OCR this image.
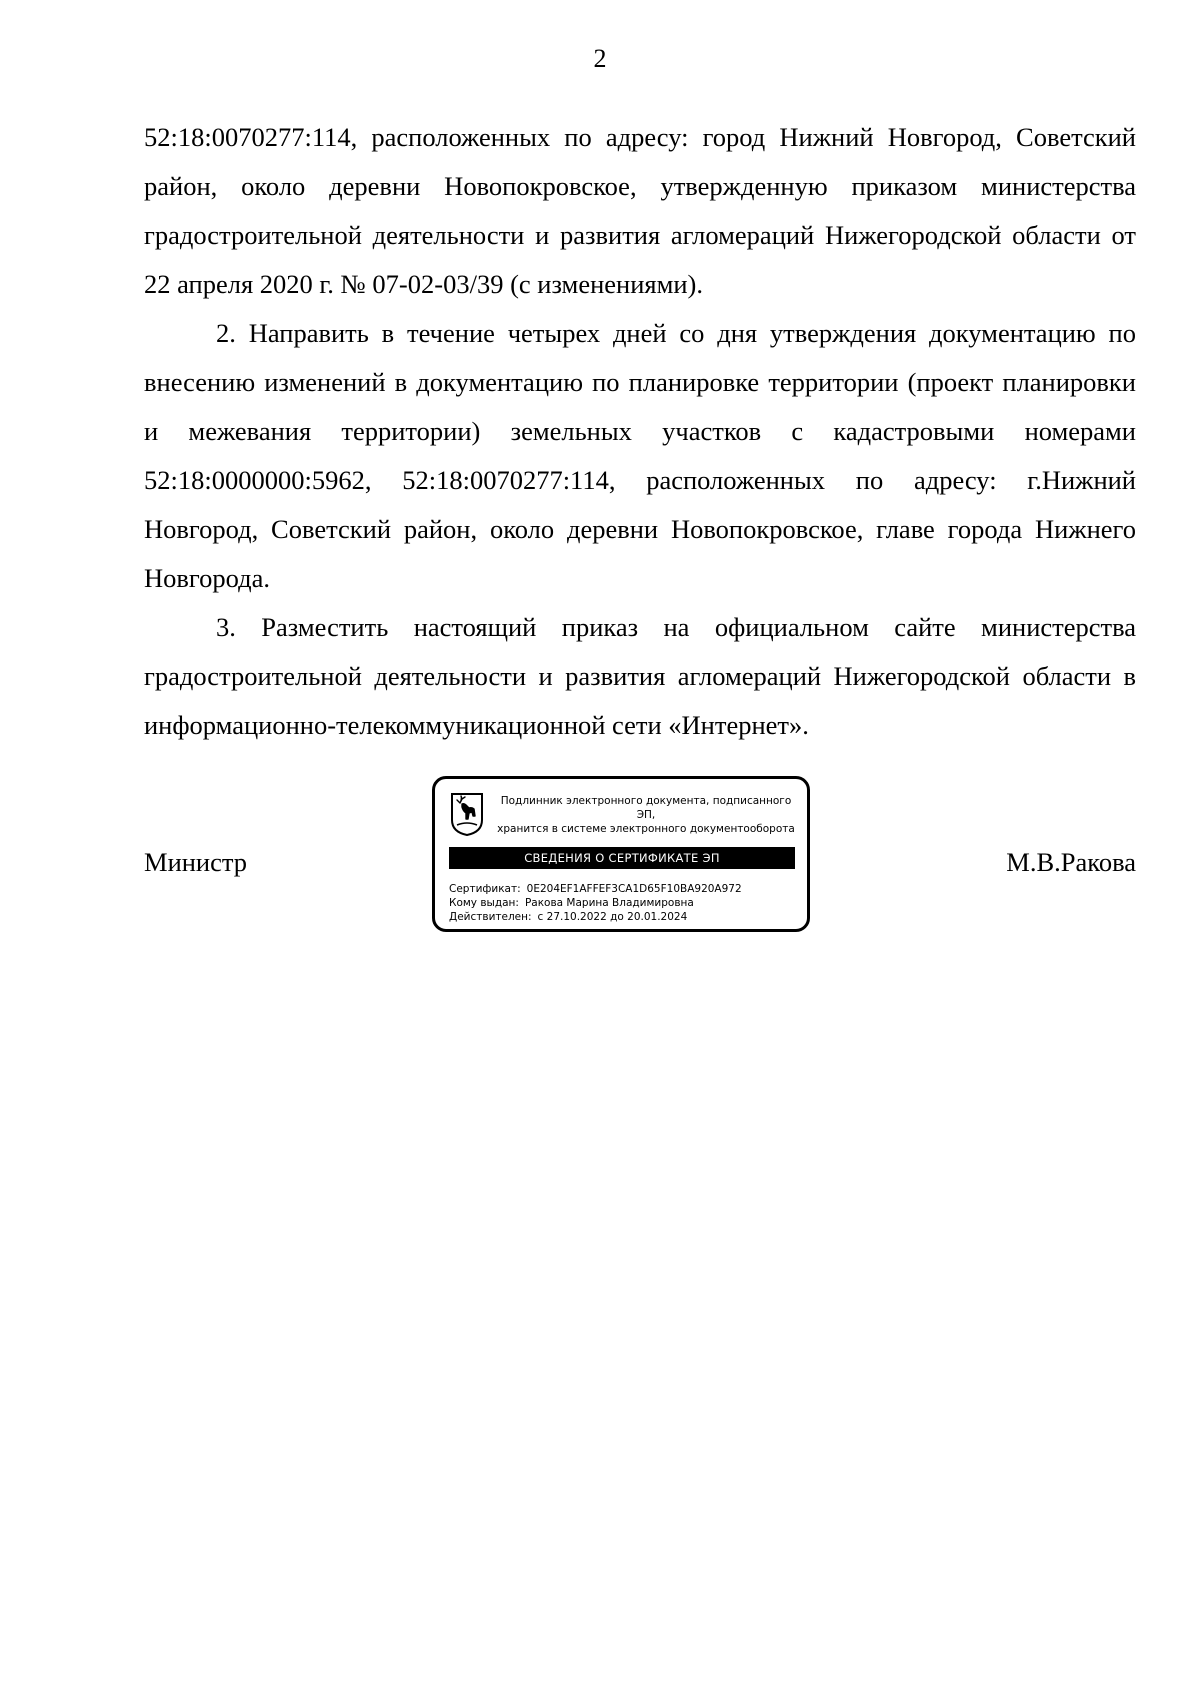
2

52:18:0070277:114, расположенных по адресу: город Нижний Новгород, Советский район, около деревни Новопокровское, утвержденную приказом министерства градостроительной деятельности и развития агломераций Нижегородской области от 22 апреля 2020 г. № 07-02-03/39 (с изменениями).

2. Направить в течение четырех дней со дня утверждения документацию по внесению изменений в документацию по планировке территории (проект планировки и межевания территории) земельных участков с кадастровыми номерами 52:18:0000000:5962, 52:18:0070277:114, расположенных по адресу: г.Нижний Новгород, Советский район, около деревни Новопокровское, главе города Нижнего Новгорода.

3. Разместить настоящий приказ на официальном сайте министерства градостроительной деятельности и развития агломераций Нижегородской области в информационно-телекоммуникационной сети «Интернет».

Министр
Подлинник электронного документа, подписанного ЭП,
хранится в системе электронного документооборота
СВЕДЕНИЯ О СЕРТИФИКАТЕ ЭП
Сертификат: 0E204EF1AFFEF3CA1D65F10BA920A972
Кому выдан: Ракова Марина Владимировна
Действителен: с 27.10.2022 до 20.01.2024
М.В.Ракова
